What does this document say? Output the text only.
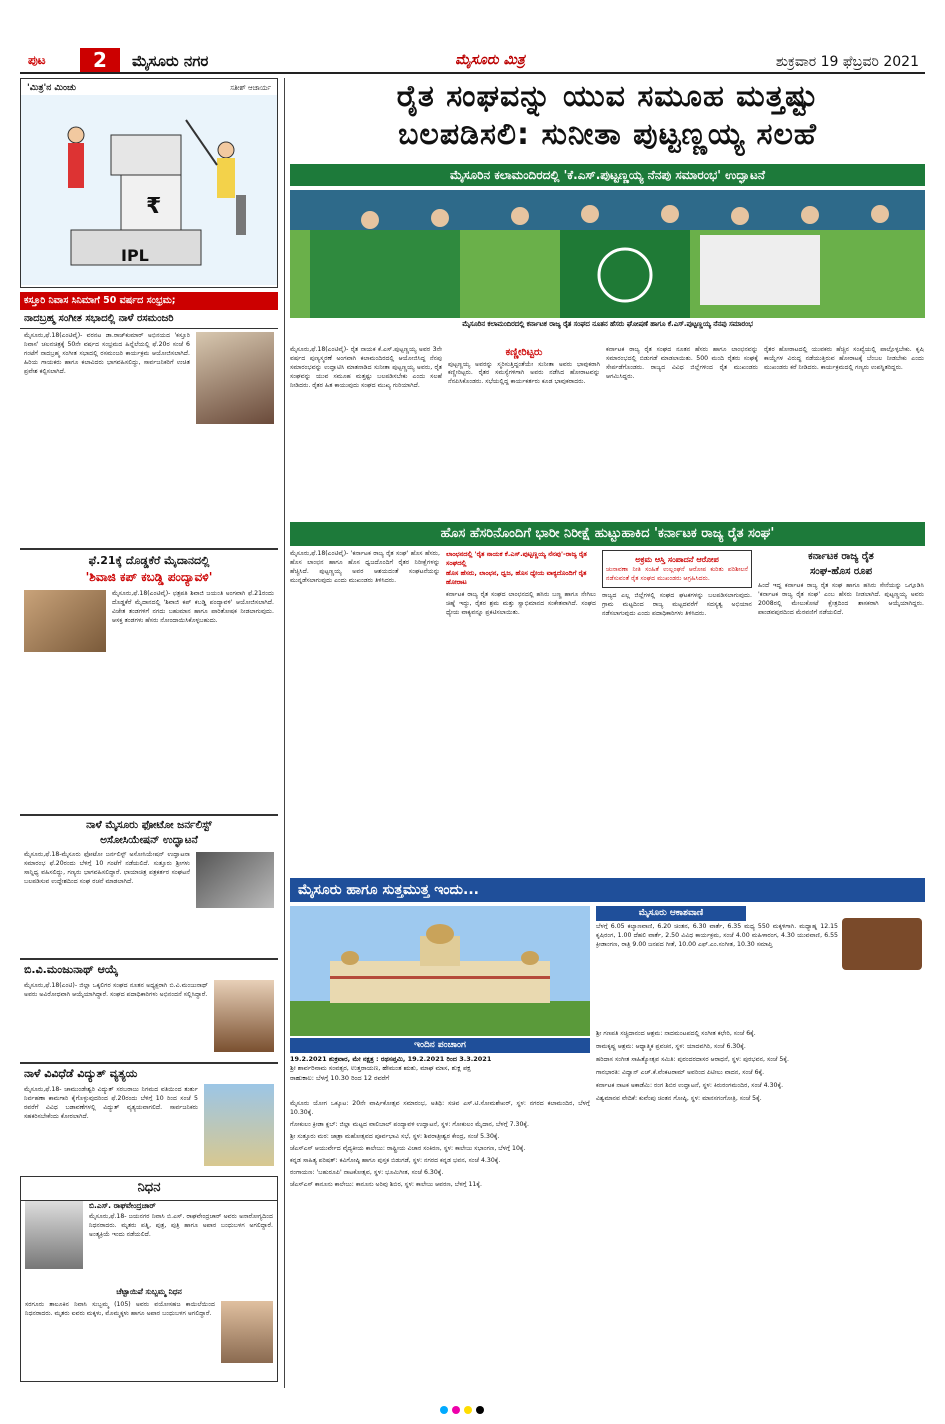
ಪುಟ	2	ಮೈಸೂರು ನಗರ	ಮೈಸೂರು ಮಿತ್ರ	ಶುಕ್ರವಾರ 19 ಫೆಬ್ರವರಿ 2021
'ಮಿತ್ರ'ನ ಮಿಂಚು	ಸತೀಶ್ ಆಚಾರ್ಯ
₹
IPL
ಕಸ್ತೂರಿ ನಿವಾಸ ಸಿನಿಮಾಗೆ 50 ವರ್ಷದ ಸಂಭ್ರಮ;
ನಾದಬ್ರಹ್ಮ ಸಂಗೀತ ಸಭಾದಲ್ಲಿ ನಾಳೆ ರಸಮಂಜರಿ
ಮೈಸೂರು,ಫೆ.18(ಎಂಟಿವೈ)- ವರನಟ ಡಾ.ರಾಜ್‌ಕುಮಾರ್ ಅಭಿನಯದ 'ಕಸ್ತೂರಿ ನಿವಾಸ' ಚಲನಚಿತ್ರಕ್ಕೆ 50ನೇ ವರ್ಷದ ಸಂಭ್ರಮದ ಹಿನ್ನೆಲೆಯಲ್ಲಿ ಫೆ.20ರ ಸಂಜೆ 6 ಗಂಟೆಗೆ ನಾದಬ್ರಹ್ಮ ಸಂಗೀತ ಸಭಾದಲ್ಲಿ ರಸಮಂಜರಿ ಕಾರ್ಯಕ್ರಮ ಆಯೋಜಿಸಲಾಗಿದೆ. ಹಿರಿಯ ಗಾಯಕರು ಹಾಗೂ ಕಲಾವಿದರು ಭಾಗವಹಿಸಲಿದ್ದು, ಸಾರ್ವಜನಿಕರಿಗೆ ಉಚಿತ ಪ್ರವೇಶ ಕಲ್ಪಿಸಲಾಗಿದೆ.
ಫೆ.21ಕ್ಕೆ ದೊಡ್ಡಕೆರೆ ಮೈದಾನದಲ್ಲಿ
'ಶಿವಾಜಿ ಕಪ್ ಕಬಡ್ಡಿ ಪಂದ್ಯಾವಳಿ'
ಮೈಸೂರು,ಫೆ.18(ಎಂಟಿವೈ)- ಛತ್ರಪತಿ ಶಿವಾಜಿ ಜಯಂತಿ ಅಂಗವಾಗಿ ಫೆ.21ರಂದು ದೊಡ್ಡಕೆರೆ ಮೈದಾನದಲ್ಲಿ 'ಶಿವಾಜಿ ಕಪ್ ಕಬಡ್ಡಿ ಪಂದ್ಯಾವಳಿ' ಆಯೋಜಿಸಲಾಗಿದೆ. ವಿಜೇತ ತಂಡಗಳಿಗೆ ನಗದು ಬಹುಮಾನ ಹಾಗೂ ಪಾರಿತೋಷಕ ನೀಡಲಾಗುವುದು. ಆಸಕ್ತ ತಂಡಗಳು ಹೆಸರು ನೋಂದಾಯಿಸಿಕೊಳ್ಳಬಹುದು.
ನಾಳೆ ಮೈಸೂರು ಫೋಟೋ ಜರ್ನಲಿಸ್ಟ್
ಅಸೋಸಿಯೇಷನ್ ಉದ್ಘಾಟನೆ
ಮೈಸೂರು,ಫೆ.18-ಮೈಸೂರು ಫೋಟೋ ಜರ್ನಲಿಸ್ಟ್ ಅಸೋಸಿಯೇಷನ್ ಉದ್ಘಾಟನಾ ಸಮಾರಂಭ ಫೆ.20ರಂದು ಬೆಳಿಗ್ಗೆ 10 ಗಂಟೆಗೆ ನಡೆಯಲಿದೆ. ಸುತ್ತೂರು ಶ್ರೀಗಳು ಸಾನ್ನಿಧ್ಯ ವಹಿಸಲಿದ್ದು, ಗಣ್ಯರು ಭಾಗವಹಿಸಲಿದ್ದಾರೆ. ಛಾಯಾಚಿತ್ರ ಪತ್ರಕರ್ತರ ಸಂಘಟನೆ ಬಲಪಡಿಸುವ ಉದ್ದೇಶದಿಂದ ಸಂಘ ರಚನೆ ಮಾಡಲಾಗಿದೆ.
ಬಿ.ವಿ.ಮಂಜುನಾಥ್ ಆಯ್ಕೆ
ಮೈಸೂರು,ಫೆ.18(ಎಂಟಿ)- ಜಿಲ್ಲಾ ಒಕ್ಕಲಿಗರ ಸಂಘದ ನೂತನ ಅಧ್ಯಕ್ಷರಾಗಿ ಬಿ.ವಿ.ಮಂಜುನಾಥ್ ಅವರು ಅವಿರೋಧವಾಗಿ ಆಯ್ಕೆಯಾಗಿದ್ದಾರೆ. ಸಂಘದ ಪದಾಧಿಕಾರಿಗಳು ಅಭಿನಂದನೆ ಸಲ್ಲಿಸಿದ್ದಾರೆ.
ನಾಳೆ ವಿವಿಧೆಡೆ ವಿದ್ಯುತ್ ವ್ಯತ್ಯಯ
ಮೈಸೂರು,ಫೆ.18- ಚಾಮುಂಡೇಶ್ವರಿ ವಿದ್ಯುತ್ ಸರಬರಾಜು ನಿಗಮದ ವತಿಯಿಂದ ತುರ್ತು ನಿರ್ವಹಣಾ ಕಾಮಗಾರಿ ಕೈಗೊಳ್ಳುವುದರಿಂದ ಫೆ.20ರಂದು ಬೆಳಿಗ್ಗೆ 10 ರಿಂದ ಸಂಜೆ 5 ರವರೆಗೆ ವಿವಿಧ ಬಡಾವಣೆಗಳಲ್ಲಿ ವಿದ್ಯುತ್ ವ್ಯತ್ಯಯವಾಗಲಿದೆ. ಸಾರ್ವಜನಿಕರು ಸಹಕರಿಸಬೇಕೆಂದು ಕೋರಲಾಗಿದೆ.
ನಿಧನ
ಬಿ.ಎಸ್. ರಾಘವೇಂದ್ರಚಾರ್
ಮೈಸೂರು,ಫೆ.18- ಜಯನಗರ ನಿವಾಸಿ ಬಿ.ಎಸ್. ರಾಘವೇಂದ್ರಚಾರ್ ಅವರು ಅನಾರೋಗ್ಯದಿಂದ ನಿಧನರಾದರು. ಮೃತರು ಪತ್ನಿ, ಪುತ್ರ, ಪುತ್ರಿ ಹಾಗೂ ಅಪಾರ ಬಂಧುಬಳಗ ಅಗಲಿದ್ದಾರೆ. ಅಂತ್ಯಕ್ರಿಯೆ ಇಂದು ನಡೆಯಲಿದೆ.
ಚೆಟ್ಟಾಯಿಪೆ ಸುಬ್ಬಮ್ಮ ನಿಧನ
ಸರಗೂರು ತಾಲೂಕಿನ ನಿವಾಸಿ ಸುಬ್ಬಮ್ಮ (105) ಅವರು ವಯೋಸಹಜ ಕಾಯಿಲೆಯಿಂದ ನಿಧನರಾದರು. ಮೃತರು ಐವರು ಮಕ್ಕಳು, ಮೊಮ್ಮಕ್ಕಳು ಹಾಗೂ ಅಪಾರ ಬಂಧುಬಳಗ ಅಗಲಿದ್ದಾರೆ.
ರೈತ ಸಂಘವನ್ನು ಯುವ ಸಮೂಹ ಮತ್ತಷ್ಟು
ಬಲಪಡಿಸಲಿ: ಸುನೀತಾ ಪುಟ್ಟಣ್ಣಯ್ಯ ಸಲಹೆ
ಮೈಸೂರಿನ ಕಲಾಮಂದಿರದಲ್ಲಿ 'ಕೆ.ಎಸ್.ಪುಟ್ಟಣ್ಣಯ್ಯ ನೆನಪು ಸಮಾರಂಭ' ಉದ್ಘಾಟನೆ
ಮೈಸೂರಿನ ಕಲಾಮಂದಿರದಲ್ಲಿ ಕರ್ನಾಟಕ ರಾಜ್ಯ ರೈತ ಸಂಘದ ನೂತನ ಹೆಸರು ಘೋಷಣೆ ಹಾಗೂ ಕೆ.ಎಸ್.ಪುಟ್ಟಣ್ಣಯ್ಯ ನೆನಪು ಸಮಾರಂಭ
ಮೈಸೂರು,ಫೆ.18(ಎಂಟಿವೈ)- ರೈತ ನಾಯಕ ಕೆ.ಎಸ್.ಪುಟ್ಟಣ್ಣಯ್ಯ ಅವರ 3ನೇ ವರ್ಷದ ಪುಣ್ಯಸ್ಮರಣೆ ಅಂಗವಾಗಿ ಕಲಾಮಂದಿರದಲ್ಲಿ ಆಯೋಜಿಸಿದ್ದ ನೆನಪು ಸಮಾರಂಭವನ್ನು ಉದ್ಘಾಟಿಸಿ ಮಾತನಾಡಿದ ಸುನೀತಾ ಪುಟ್ಟಣ್ಣಯ್ಯ ಅವರು, ರೈತ ಸಂಘವನ್ನು ಯುವ ಸಮೂಹ ಮತ್ತಷ್ಟು ಬಲಪಡಿಸಬೇಕು ಎಂದು ಸಲಹೆ ನೀಡಿದರು. ರೈತರ ಹಿತ ಕಾಯುವುದು ಸಂಘದ ಮುಖ್ಯ ಗುರಿಯಾಗಿದೆ.
ಕಣ್ಣೀರಿಟ್ಟರು
ಪುಟ್ಟಣ್ಣಯ್ಯ ಅವರನ್ನು ಸ್ಮರಿಸುತ್ತಿದ್ದಂತೆಯೇ ಸುನೀತಾ ಅವರು ಭಾವುಕರಾಗಿ ಕಣ್ಣೀರಿಟ್ಟರು. ರೈತರ ಸಮಸ್ಯೆಗಳಿಗಾಗಿ ಅವರು ನಡೆಸಿದ ಹೋರಾಟವನ್ನು ನೆನಪಿಸಿಕೊಂಡರು. ಸಭೆಯಲ್ಲಿದ್ದ ಕಾರ್ಯಕರ್ತರು ಕೂಡ ಭಾವುಕರಾದರು.
ಕರ್ನಾಟಕ ರಾಜ್ಯ ರೈತ ಸಂಘದ ನೂತನ ಹೆಸರು ಹಾಗೂ ಲಾಂಛನವನ್ನು ಸಮಾರಂಭದಲ್ಲಿ ಬಿಡುಗಡೆ ಮಾಡಲಾಯಿತು. 500 ಮಂದಿ ರೈತರು ಸಂಘಕ್ಕೆ ಸೇರ್ಪಡೆಗೊಂಡರು. ರಾಜ್ಯದ ವಿವಿಧ ಜಿಲ್ಲೆಗಳಿಂದ ರೈತ ಮುಖಂಡರು ಆಗಮಿಸಿದ್ದರು.
ರೈತರ ಹೋರಾಟದಲ್ಲಿ ಯುವಕರು ಹೆಚ್ಚಿನ ಸಂಖ್ಯೆಯಲ್ಲಿ ಪಾಲ್ಗೊಳ್ಳಬೇಕು. ಕೃಷಿ ಕಾಯ್ದೆಗಳ ವಿರುದ್ಧ ನಡೆಯುತ್ತಿರುವ ಹೋರಾಟಕ್ಕೆ ಬೆಂಬಲ ನೀಡಬೇಕು ಎಂದು ಮುಖಂಡರು ಕರೆ ನೀಡಿದರು. ಕಾರ್ಯಕ್ರಮದಲ್ಲಿ ಗಣ್ಯರು ಉಪಸ್ಥಿತರಿದ್ದರು.
ಹೊಸ ಹೆಸರಿನೊಂದಿಗೆ ಭಾರೀ ನಿರೀಕ್ಷೆ ಹುಟ್ಟುಹಾಕಿದ 'ಕರ್ನಾಟಕ ರಾಜ್ಯ ರೈತ ಸಂಘ'
ಮೈಸೂರು,ಫೆ.18(ಎಂಟಿವೈ)- 'ಕರ್ನಾಟಕ ರಾಜ್ಯ ರೈತ ಸಂಘ' ಹೊಸ ಹೆಸರು, ಹೊಸ ಲಾಂಛನ ಹಾಗೂ ಹೊಸ ಧ್ವಜದೊಂದಿಗೆ ರೈತರ ನಿರೀಕ್ಷೆಗಳನ್ನು ಹೆಚ್ಚಿಸಿದೆ. ಪುಟ್ಟಣ್ಣಯ್ಯ ಅವರ ಆಶಯದಂತೆ ಸಂಘಟನೆಯನ್ನು ಮುನ್ನಡೆಸಲಾಗುವುದು ಎಂದು ಮುಖಂಡರು ತಿಳಿಸಿದರು.
ಲಾಂಛನದಲ್ಲಿ 'ರೈತ ನಾಯಕ ಕೆ.ಎಸ್.ಪುಟ್ಟಣ್ಣಯ್ಯ ನೆನಪು'-ರಾಜ್ಯ ರೈತ ಸಂಘದಲ್ಲಿ
ಹೊಸ ಹೆಸರು, ಲಾಂಛನ, ಧ್ವಜ, ಹೊಸ ಧ್ಯೇಯ ವಾಕ್ಯದೊಂದಿಗೆ ರೈತ ಹೋರಾಟ
ಕರ್ನಾಟಕ ರಾಜ್ಯ ರೈತ ಸಂಘದ ಲಾಂಛನದಲ್ಲಿ ಹಸಿರು ಬಣ್ಣ ಹಾಗೂ ನೇಗಿಲು ಚಿಹ್ನೆ ಇದ್ದು, ರೈತರ ಶ್ರಮ ಮತ್ತು ಸ್ವಾಭಿಮಾನದ ಸಂಕೇತವಾಗಿದೆ. ಸಂಘದ ಧ್ಯೇಯ ವಾಕ್ಯವನ್ನೂ ಪ್ರಕಟಿಸಲಾಯಿತು.
ಅಕ್ರಮ ಆಸ್ತಿ ಸಂಪಾದನೆ ಆರೋಪ
ಚುನಾವಣಾ ನೀತಿ ಸಂಹಿತೆ ಉಲ್ಲಂಘನೆ ಆರೋಪ ಕುರಿತು ಪರಿಶೀಲನೆ ನಡೆಸುವಂತೆ ರೈತ ಸಂಘದ ಮುಖಂಡರು ಆಗ್ರಹಿಸಿದರು.
ರಾಜ್ಯದ ಎಲ್ಲ ಜಿಲ್ಲೆಗಳಲ್ಲಿ ಸಂಘದ ಘಟಕಗಳನ್ನು ಬಲಪಡಿಸಲಾಗುವುದು. ಗ್ರಾಮ ಮಟ್ಟದಿಂದ ರಾಜ್ಯ ಮಟ್ಟದವರೆಗೆ ಸದಸ್ಯತ್ವ ಅಭಿಯಾನ ನಡೆಸಲಾಗುವುದು ಎಂದು ಪದಾಧಿಕಾರಿಗಳು ತಿಳಿಸಿದರು.
ಕರ್ನಾಟಕ ರಾಜ್ಯ ರೈತ
ಸಂಘ-ಹೊಸ ರೂಪ
ಹಿಂದೆ ಇದ್ದ ಕರ್ನಾಟಕ ರಾಜ್ಯ ರೈತ ಸಂಘ ಹಾಗೂ ಹಸಿರು ಸೇನೆಯನ್ನು ಒಗ್ಗೂಡಿಸಿ 'ಕರ್ನಾಟಕ ರಾಜ್ಯ ರೈತ ಸಂಘ' ಎಂಬ ಹೆಸರು ನೀಡಲಾಗಿದೆ. ಪುಟ್ಟಣ್ಣಯ್ಯ ಅವರು 2008ರಲ್ಲಿ ಮೇಲುಕೋಟೆ ಕ್ಷೇತ್ರದಿಂದ ಶಾಸಕರಾಗಿ ಆಯ್ಕೆಯಾಗಿದ್ದರು. ಪಾಂಡವಪುರದಿಂದ ಮೆರವಣಿಗೆ ನಡೆಯಲಿದೆ.
ಮೈಸೂರು ಹಾಗೂ ಸುತ್ತಮುತ್ತ ಇಂದು...
ಇಂದಿನ ಪಂಚಾಂಗ
19.2.2021 ಶುಕ್ರವಾರ, ಮೇ ನಕ್ಷತ್ರ : ರಥಸಪ್ತಮಿ, 19.2.2021 ರಿಂದ 3.3.2021
ಶ್ರೀ ಶಾರ್ವರಿನಾಮ ಸಂವತ್ಸರ, ಉತ್ತರಾಯಣ, ಹೇಮಂತ ಋತು, ಮಾಘ ಮಾಸ, ಶುಕ್ಲ ಪಕ್ಷ
ರಾಹುಕಾಲ: ಬೆಳಗ್ಗೆ 10.30 ರಿಂದ 12 ರವರೆಗೆ
ಮೈಸೂರು ಆಕಾಶವಾಣಿ
ಬೆಳಗ್ಗೆ 6.05 ಕಲ್ಯಾಣವಾಣಿ, 6.20 ಚಿಂತನ, 6.30 ವಾರ್ತೆ, 6.35 ಮಧ್ಯ 550 ಮಕ್ಕಳಿಗಾಗಿ. ಮಧ್ಯಾಹ್ನ 12.15 ಕೃಷಿರಂಗ, 1.00 ದೆಹಲಿ ವಾರ್ತೆ, 2.50 ವಿವಿಧ ಕಾರ್ಯಕ್ರಮ, ಸಂಜೆ 4.00 ಮಹಿಳಾರಂಗ, 4.30 ಯುವವಾಣಿ, 6.55 ಕ್ರೀಡಾಂಗಣ, ರಾತ್ರಿ 9.00 ಜನಪದ ಗೀತೆ, 10.00 ಎಫ್.ಎಂ.ಸಂಗೀತ, 10.30 ಸಮಾಪ್ತಿ
ಮೈಸೂರು ಯೋಗ ಒಕ್ಕೂಟ: 20ನೇ ವಾರ್ಷಿಕೋತ್ಸವ ಸಮಾರಂಭ, ಅತಿಥಿ: ಸಚಿವ ಎಸ್.ಟಿ.ಸೋಮಶೇಖರ್, ಸ್ಥಳ: ನಗರದ ಕಲಾಮಂದಿರ, ಬೆಳಗ್ಗೆ 10.30ಕ್ಕೆ.
ಗೋಕುಲಂ ಕ್ರೀಡಾ ಕ್ಲಬ್: ಜಿಲ್ಲಾ ಮಟ್ಟದ ವಾಲಿಬಾಲ್ ಪಂದ್ಯಾವಳಿ ಉದ್ಘಾಟನೆ, ಸ್ಥಳ: ಗೋಕುಲಂ ಮೈದಾನ, ಬೆಳಗ್ಗೆ 7.30ಕ್ಕೆ.
ಶ್ರೀ ಸುತ್ತೂರು ಮಠ: ಜಾತ್ರಾ ಮಹೋತ್ಸವದ ಪೂರ್ವಭಾವಿ ಸಭೆ, ಸ್ಥಳ: ಶಿವರಾತ್ರೀಶ್ವರ ಕೇಂದ್ರ, ಸಂಜೆ 5.30ಕ್ಕೆ.
ಜೆಎಸ್‌ಎಸ್ ಆಯುರ್ವೇದ ವೈದ್ಯಕೀಯ ಕಾಲೇಜು: ರಾಷ್ಟ್ರೀಯ ವಿಚಾರ ಸಂಕಿರಣ, ಸ್ಥಳ: ಕಾಲೇಜು ಸಭಾಂಗಣ, ಬೆಳಗ್ಗೆ 10ಕ್ಕೆ.
ಕನ್ನಡ ಸಾಹಿತ್ಯ ಪರಿಷತ್: ಕವಿಗೋಷ್ಠಿ ಹಾಗೂ ಪುಸ್ತಕ ಬಿಡುಗಡೆ, ಸ್ಥಳ: ನಗರದ ಕನ್ನಡ ಭವನ, ಸಂಜೆ 4.30ಕ್ಕೆ.
ರಂಗಾಯಣ: 'ಬಹುರೂಪಿ' ನಾಟಕೋತ್ಸವ, ಸ್ಥಳ: ಭೂಮಿಗೀತ, ಸಂಜೆ 6.30ಕ್ಕೆ.
ಜೆಎಸ್‌ಎಸ್ ಕಾನೂನು ಕಾಲೇಜು: ಕಾನೂನು ಅರಿವು ಶಿಬಿರ, ಸ್ಥಳ: ಕಾಲೇಜು ಆವರಣ, ಬೆಳಗ್ಗೆ 11ಕ್ಕೆ.
ಶ್ರೀ ಗಣಪತಿ ಸಚ್ಚಿದಾನಂದ ಆಶ್ರಮ: ನಾದಮಂಟಪದಲ್ಲಿ ಸಂಗೀತ ಕಛೇರಿ, ಸಂಜೆ 6ಕ್ಕೆ.
ರಾಮಕೃಷ್ಣ ಆಶ್ರಮ: ಆಧ್ಯಾತ್ಮಿಕ ಪ್ರವಚನ, ಸ್ಥಳ: ಯಾದವಗಿರಿ, ಸಂಜೆ 6.30ಕ್ಕೆ.
ಹರಿದಾಸ ಸಂಗೀತ ಸಾಹಿತ್ಯೋತ್ಸವ ಸಮಿತಿ: ಪುರಂದರದಾಸರ ಆರಾಧನೆ, ಸ್ಥಳ: ಪುರಭವನ, ಸಂಜೆ 5ಕ್ಕೆ.
ಗಾನಭಾರತಿ: ವಿದ್ವಾನ್ ಎಚ್.ಕೆ.ವೆಂಕಟರಾಮ್ ಅವರಿಂದ ಪಿಟೀಲು ವಾದನ, ಸಂಜೆ 6ಕ್ಕೆ.
ಕರ್ನಾಟಕ ನಾಟಕ ಅಕಾಡೆಮಿ: ರಂಗ ಶಿಬಿರ ಉದ್ಘಾಟನೆ, ಸ್ಥಳ: ಕಿರುರಂಗಮಂದಿರ, ಸಂಜೆ 4.30ಕ್ಕೆ.
ವಿಶ್ವಮಾನವ ವೇದಿಕೆ: ಕುವೆಂಪು ಚಿಂತನ ಗೋಷ್ಠಿ, ಸ್ಥಳ: ಮಾನಸಗಂಗೋತ್ರಿ, ಸಂಜೆ 5ಕ್ಕೆ.
